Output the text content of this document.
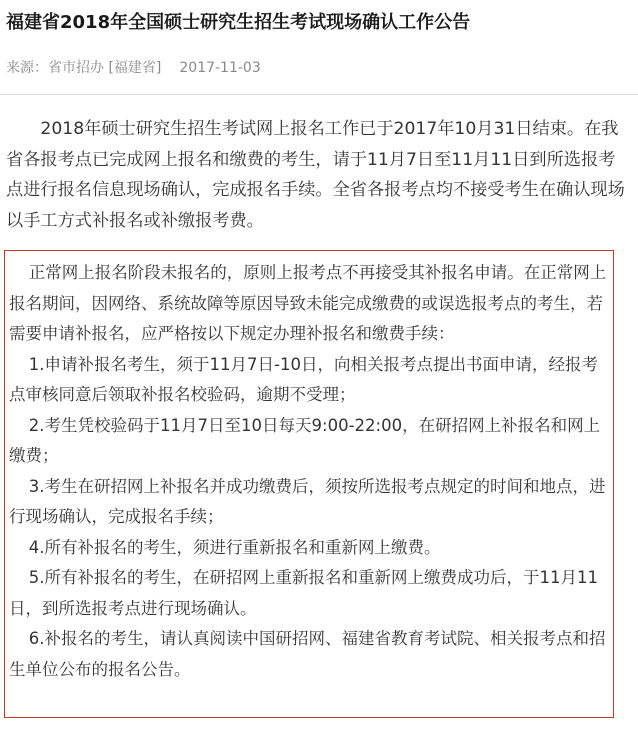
福建省2018年全国硕士研究生招生考试现场确认工作公告
来源：省市招办 [福建省] 2017-11-03

2018年硕士研究生招生考试网上报名工作已于2017年10月31日结束。在我省各报考点已完成网上报名和缴费的考生，请于11月7日至11月11日到所选报考点进行报名信息现场确认，完成报名手续。全省各报考点均不接受考生在确认现场以手工方式补报名或补缴报考费。

正常网上报名阶段未报名的，原则上报考点不再接受其补报名申请。在正常网上报名期间，因网络、系统故障等原因导致未能完成缴费的或误选报考点的考生，若需要申请补报名，应严格按以下规定办理补报名和缴费手续：

1.申请补报名考生，须于11月7日-10日，向相关报考点提出书面申请，经报考点审核同意后领取补报名校验码，逾期不受理；

2.考生凭校验码于11月7日至10日每天9:00-22:00，在研招网上补报名和网上缴费；

3.考生在研招网上补报名并成功缴费后，须按所选报考点规定的时间和地点，进行现场确认，完成报名手续；

4.所有补报名的考生，须进行重新报名和重新网上缴费。

5.所有补报名的考生，在研招网上重新报名和重新网上缴费成功后，于11月11日，到所选报考点进行现场确认。

6.补报名的考生，请认真阅读中国研招网、福建省教育考试院、相关报考点和招生单位公布的报名公告。
